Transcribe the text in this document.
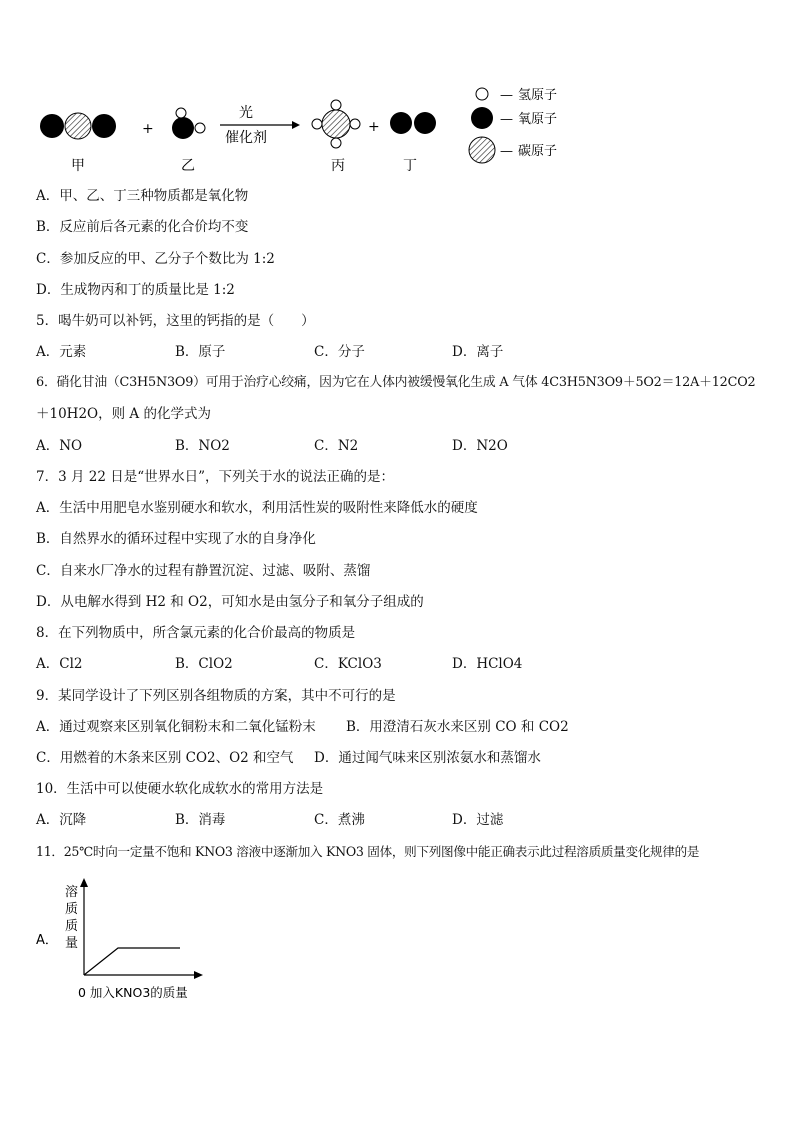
+
光
催化剂
+
甲	乙	丙	丁
— 氢原子
— 氧原子
— 碳原子
A．甲、乙、丁三种物质都是氧化物
B．反应前后各元素的化合价均不变
C．参加反应的甲、乙分子个数比为 1:2
D．生成物丙和丁的质量比是 1:2
5．喝牛奶可以补钙，这里的钙指的是（　　）
A．元素	B．原子	C．分子	D．离子
6．硝化甘油（C3H5N3O9）可用于治疗心绞痛，因为它在人体内被缓慢氧化生成 A 气体 4C3H5N3O9＋5O2＝12A＋12CO2
＋10H2O，则 A 的化学式为
A．NO	B．NO2	C．N2	D．N2O
7．3 月 22 日是“世界水日”，下列关于水的说法正确的是：
A．生活中用肥皂水鉴别硬水和软水，利用活性炭的吸附性来降低水的硬度
B．自然界水的循环过程中实现了水的自身净化
C．自来水厂净水的过程有静置沉淀、过滤、吸附、蒸馏
D．从电解水得到 H2 和 O2，可知水是由氢分子和氧分子组成的
8．在下列物质中，所含氯元素的化合价最高的物质是
A．Cl2	B．ClO2	C．KClO3	D．HClO4
9．某同学设计了下列区别各组物质的方案，其中不可行的是
A．通过观察来区别氧化铜粉末和二氧化锰粉末 B．用澄清石灰水来区别 CO 和 CO2
C．用燃着的木条来区别 CO2、O2 和空气 D．通过闻气味来区别浓氨水和蒸馏水
10．生活中可以使硬水软化成软水的常用方法是
A．沉降	B．消毒	C．煮沸	D．过滤
11．25℃时向一定量不饱和 KNO3 溶液中逐渐加入 KNO3 固体，则下列图像中能正确表示此过程溶质质量变化规律的是
A．
溶
质
质
量
0 加入KNO3的质量
